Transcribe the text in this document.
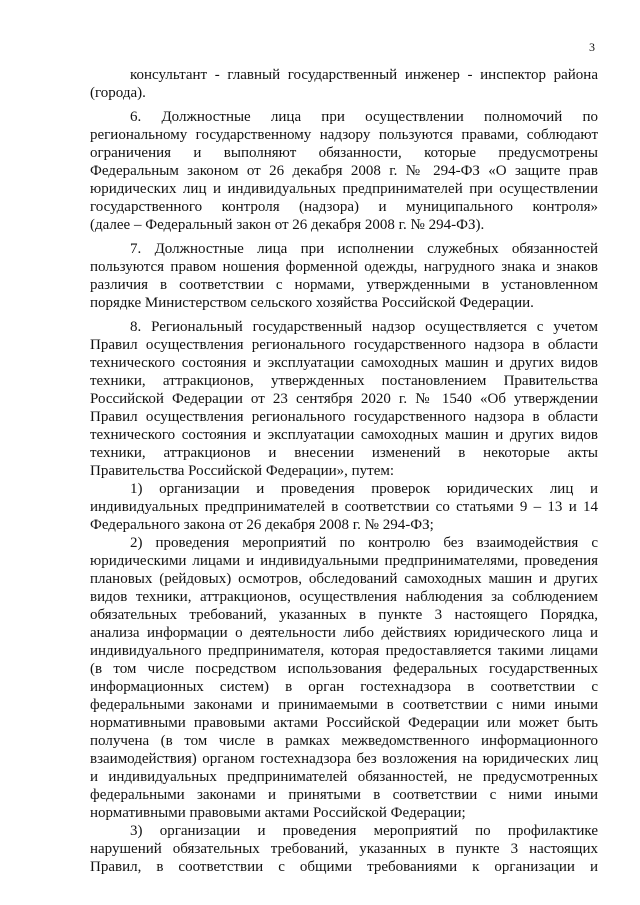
3
консультант - главный государственный инженер - инспектор района
(города).
6. Должностные лица при осуществлении полномочий по
региональному государственному надзору пользуются правами, соблюдают
ограничения и выполняют обязанности, которые предусмотрены
Федеральным законом от 26 декабря 2008 г. № 294-ФЗ «О защите прав
юридических лиц и индивидуальных предпринимателей при осуществлении
государственного контроля (надзора) и муниципального контроля»
(далее – Федеральный закон от 26 декабря 2008 г. № 294-ФЗ).
7. Должностные лица при исполнении служебных обязанностей
пользуются правом ношения форменной одежды, нагрудного знака и знаков
различия в соответствии с нормами, утвержденными в установленном
порядке Министерством сельского хозяйства Российской Федерации.
8. Региональный государственный надзор осуществляется с учетом
Правил осуществления регионального государственного надзора в области
технического состояния и эксплуатации самоходных машин и других видов
техники, аттракционов, утвержденных постановлением Правительства
Российской Федерации от 23 сентября 2020 г. № 1540 «Об утверждении
Правил осуществления регионального государственного надзора в области
технического состояния и эксплуатации самоходных машин и других видов
техники, аттракционов и внесении изменений в некоторые акты
Правительства Российской Федерации», путем:
1) организации и проведения проверок юридических лиц и
индивидуальных предпринимателей в соответствии со статьями 9 – 13 и 14
Федерального закона от 26 декабря 2008 г. № 294-ФЗ;
2) проведения мероприятий по контролю без взаимодействия с
юридическими лицами и индивидуальными предпринимателями, проведения
плановых (рейдовых) осмотров, обследований самоходных машин и других
видов техники, аттракционов, осуществления наблюдения за соблюдением
обязательных требований, указанных в пункте 3 настоящего Порядка,
анализа информации о деятельности либо действиях юридического лица и
индивидуального предпринимателя, которая предоставляется такими лицами
(в том числе посредством использования федеральных государственных
информационных систем) в орган гостехнадзора в соответствии с
федеральными законами и принимаемыми в соответствии с ними иными
нормативными правовыми актами Российской Федерации или может быть
получена (в том числе в рамках межведомственного информационного
взаимодействия) органом гостехнадзора без возложения на юридических лиц
и индивидуальных предпринимателей обязанностей, не предусмотренных
федеральными законами и принятыми в соответствии с ними иными
нормативными правовыми актами Российской Федерации;
3) организации и проведения мероприятий по профилактике
нарушений обязательных требований, указанных в пункте 3 настоящих
Правил, в соответствии с общими требованиями к организации и
